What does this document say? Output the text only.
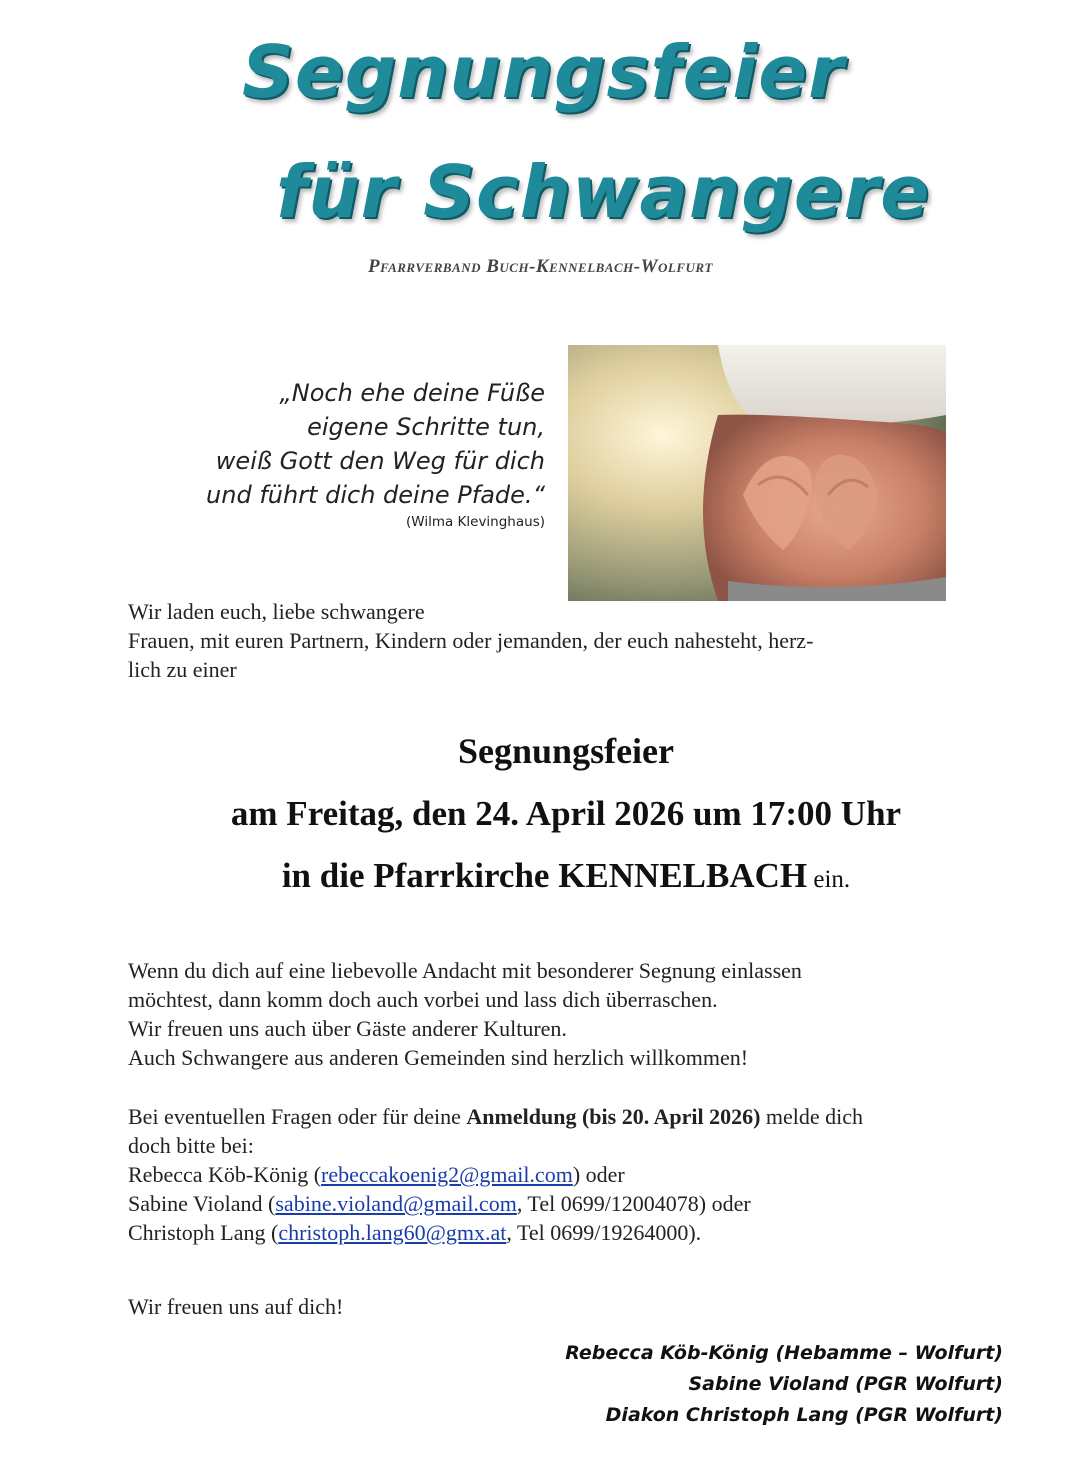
Segnungsfeier
für Schwangere
Pfarrverband Buch-Kennelbach-Wolfurt
„Noch ehe deine Füße
eigene Schritte tun,
weiß Gott den Weg für dich
und führt dich deine Pfade.“
(Wilma Klevinghaus)
Wir laden euch, liebe schwangere
Frauen, mit euren Partnern, Kindern oder jemanden, der euch nahesteht, herz-
lich zu einer
Segnungsfeier
am Freitag, den 24. April 2026 um 17:00 Uhr
in die Pfarrkirche KENNELBACH ein.
Wenn du dich auf eine liebevolle Andacht mit besonderer Segnung einlassen
möchtest, dann komm doch auch vorbei und lass dich überraschen.
Wir freuen uns auch über Gäste anderer Kulturen.
Auch Schwangere aus anderen Gemeinden sind herzlich willkommen!
Bei eventuellen Fragen oder für deine Anmeldung (bis 20. April 2026) melde dich
doch bitte bei:
Rebecca Köb-König (rebeccakoenig2@gmail.com) oder
Sabine Violand (sabine.violand@gmail.com, Tel 0699/12004078) oder
Christoph Lang (christoph.lang60@gmx.at, Tel 0699/19264000).
Wir freuen uns auf dich!
Rebecca Köb-König (Hebamme – Wolfurt)
Sabine Violand (PGR Wolfurt)
Diakon Christoph Lang (PGR Wolfurt)
